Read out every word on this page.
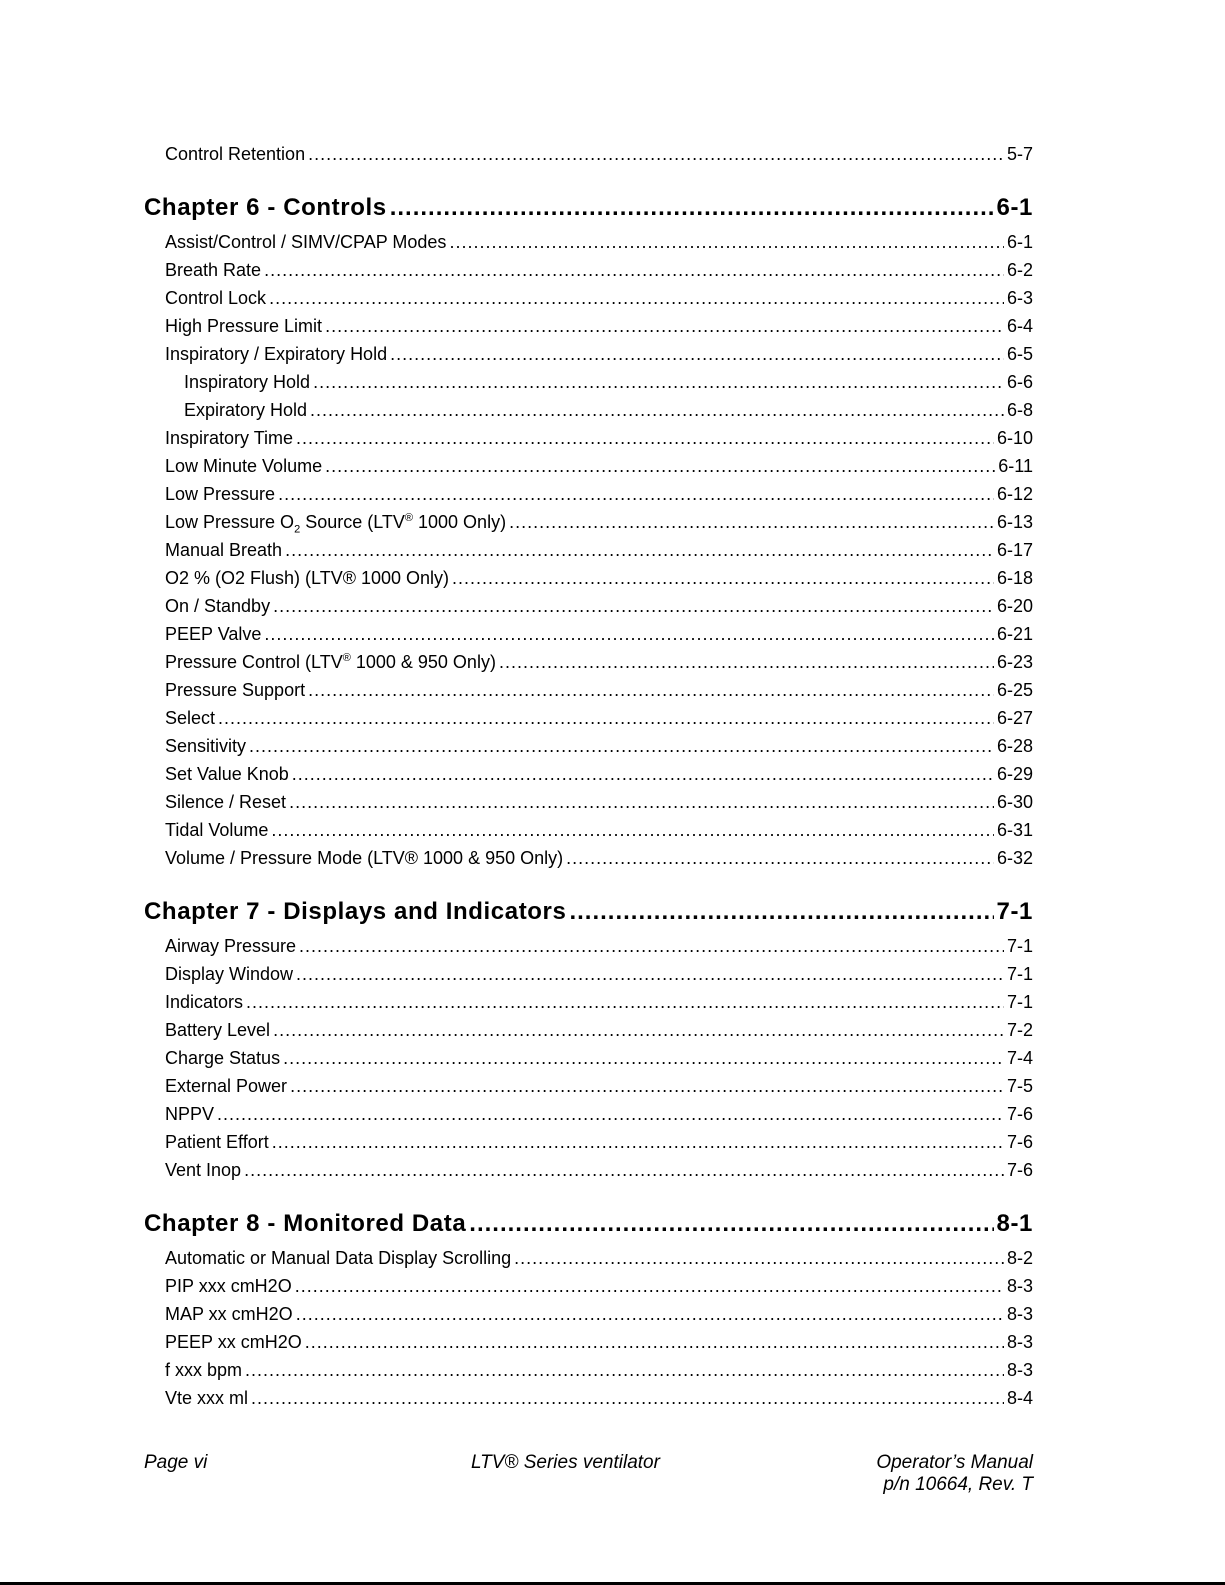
Control Retention .....	5-7
Chapter 6 - Controls .....	6-1
Assist/Control / SIMV/CPAP Modes .....	6-1
Breath Rate .....	6-2
Control Lock .....	6-3
High Pressure Limit .....	6-4
Inspiratory / Expiratory Hold .....	6-5
Inspiratory Hold .....	6-6
Expiratory Hold .....	6-8
Inspiratory Time .....	6-10
Low Minute Volume .....	6-11
Low Pressure .....	6-12
Low Pressure $O_2$ Source (LTV® 1000 Only) .....	6-13
Manual Breath .....	6-17
O2 % (O2 Flush) (LTV® 1000 Only) .....	6-18
On / Standby .....	6-20
PEEP Valve .....	6-21
Pressure Control (LTV® 1000 & 950 Only) .....	6-23
Pressure Support .....	6-25
Select .....	6-27
Sensitivity .....	6-28
Set Value Knob .....	6-29
Silence / Reset .....	6-30
Tidal Volume .....	6-31
Volume / Pressure Mode (LTV® 1000 & 950 Only) .....	6-32
Chapter 7 - Displays and Indicators .....	7-1
Airway Pressure .....	7-1
Display Window .....	7-1
Indicators .....	7-1
Battery Level .....	7-2
Charge Status .....	7-4
External Power .....	7-5
NPPV .....	7-6
Patient Effort .....	7-6
Vent Inop .....	7-6
Chapter 8 - Monitored Data .....	8-1
Automatic or Manual Data Display Scrolling .....	8-2
PIP xxx cmH2O .....	8-3
MAP xx cmH2O .....	8-3
PEEP xx cmH2O .....	8-3
f xxx bpm .....	8-3
Vte xxx ml .....	8-4
Page vi	LTV® Series ventilator	Operator’s Manual
p/n 10664, Rev. T
